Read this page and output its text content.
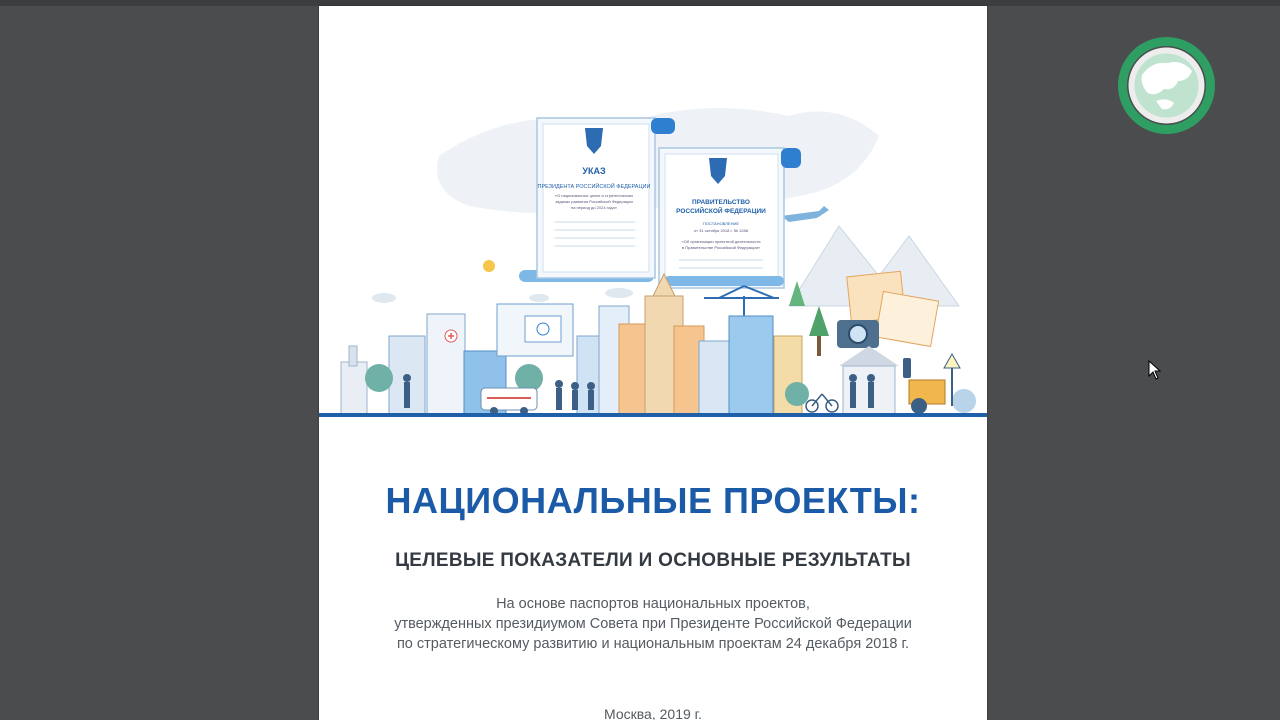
УКАЗ
ПРЕЗИДЕНТА РОССИЙСКОЙ ФЕДЕРАЦИИ
«О национальных целях и стратегических
задачах развития Российской Федерации
на период до 2024 года»
ПРАВИТЕЛЬСТВО
РОССИЙСКОЙ ФЕДЕРАЦИИ
ПОСТАНОВЛЕНИЕ
от 31 октября 2018 г. № 1288
«Об организации проектной деятельности
в Правительстве Российской Федерации»
НАЦИОНАЛЬНЫЕ ПРОЕКТЫ:
ЦЕЛЕВЫЕ ПОКАЗАТЕЛИ И ОСНОВНЫЕ РЕЗУЛЬТАТЫ
На основе паспортов национальных проектов,
утвержденных президиумом Совета при Президенте Российской Федерации
по стратегическому развитию и национальным проектам 24 декабря 2018 г.
Москва, 2019 г.
